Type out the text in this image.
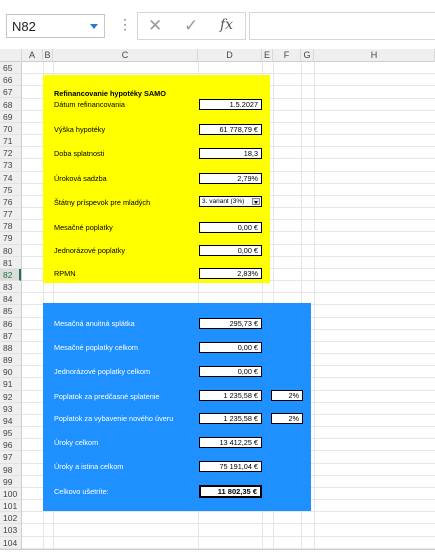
N82	⋮ ✕ ✓ fx
A	B	C	D	E	F	G	H
65
66
67
68
69
70
71
72
73
74
75
76
77
78
79
80
81
82
83
84
85
86
87
88
89
90
91
92
93
94
95
96
97
98
99
100
101
102
103
104
Refinancovanie hypotéky SAMO
Dátum refinancovania	1.5.2027
Výška hypotéky	61 778,79 €
Doba splatnosti	18,3
Úroková sadzba	2,79%
Štátny príspevok pre mladých	3. variant (3%)
Mesačné poplatky	0,00 €
Jednorázové poplatky	0,00 €
RPMN	2,83%
Mesačná anuitná splátka	295,73 €
Mesačné poplatky celkom	0,00 €
Jednorázové poplatky celkom	0,00 €
Poplatok za predčasné splatenie	1 235,58 €	2%
Poplatok za vybavenie nového úveru	1 235,58 €	2%
Úroky celkom	13 412,25 €
Úroky a istina celkom	75 191,04 €
Celkovo ušetríte:	11 802,35 €
